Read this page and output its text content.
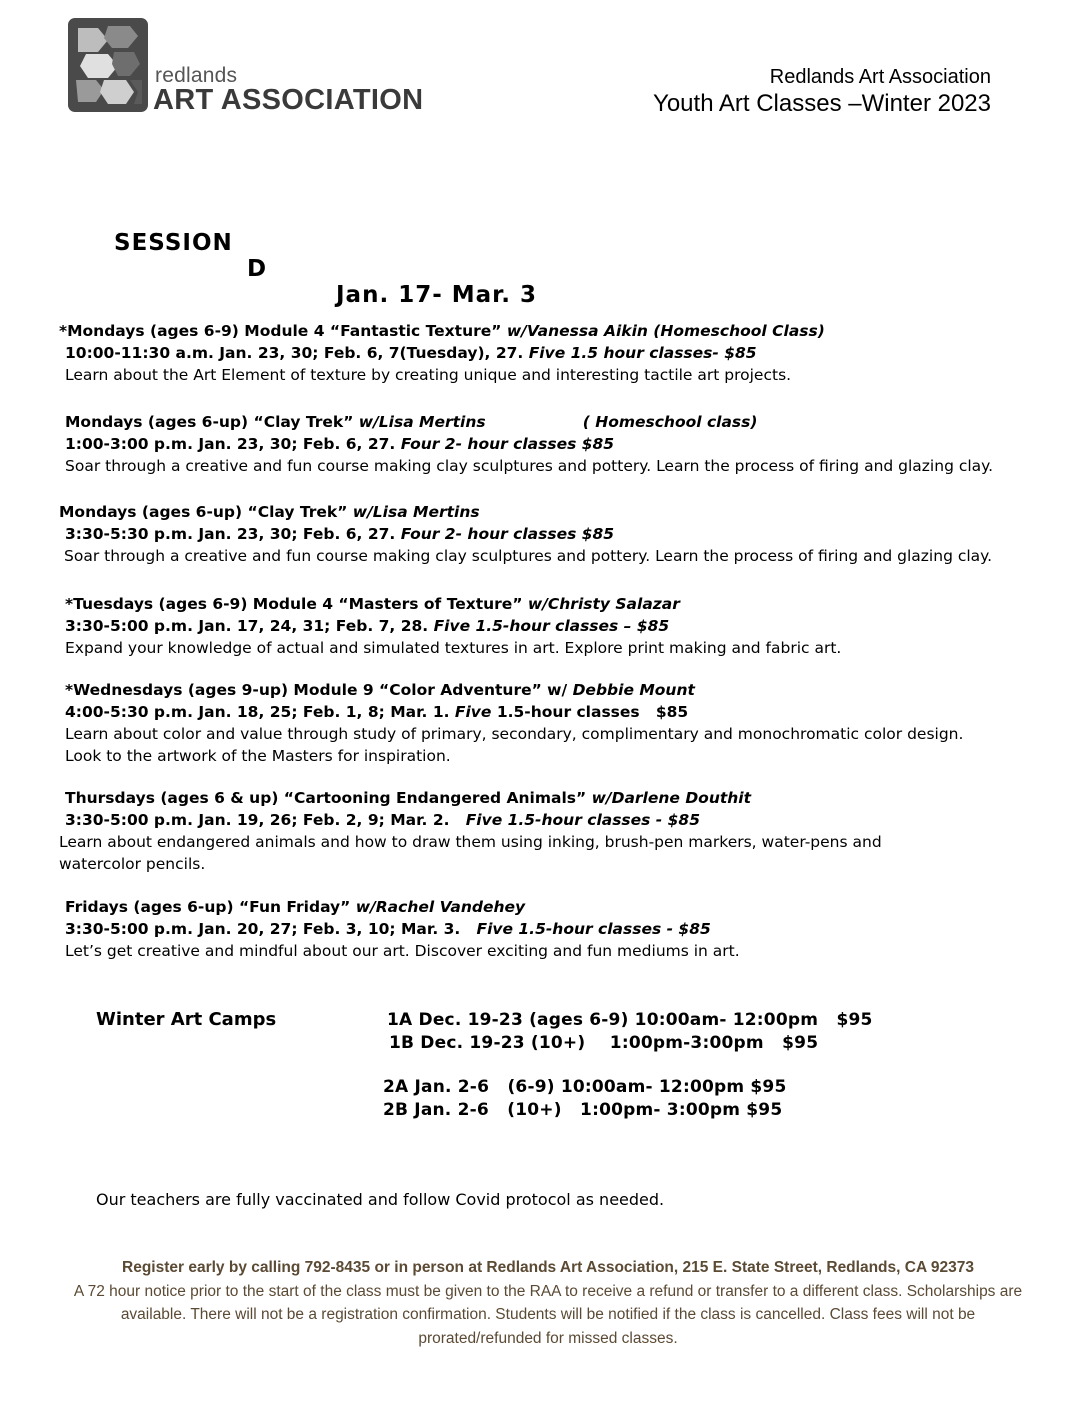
redlands
ART ASSOCIATION
Redlands Art Association
Youth Art Classes –Winter 2023

SESSION

D

Jan. 17- Mar. 3

*Mondays (ages 6-9) Module 4 “Fantastic Texture” w/Vanessa Aikin (Homeschool Class)
10:00-11:30 a.m. Jan. 23, 30; Feb. 6, 7(Tuesday), 27. Five 1.5 hour classes- $85
Learn about the Art Element of texture by creating unique and interesting tactile art projects.
Mondays (ages 6-up) “Clay Trek” w/Lisa Mertins                  ( Homeschool class)
1:00-3:00 p.m. Jan. 23, 30; Feb. 6, 27. Four 2- hour classes $85
Soar through a creative and fun course making clay sculptures and pottery. Learn the process of firing and glazing clay.
Mondays (ages 6-up) “Clay Trek” w/Lisa Mertins
3:30-5:30 p.m. Jan. 23, 30; Feb. 6, 27. Four 2- hour classes $85
Soar through a creative and fun course making clay sculptures and pottery. Learn the process of firing and glazing clay.
*Tuesdays (ages 6-9) Module 4 “Masters of Texture” w/Christy Salazar
3:30-5:00 p.m. Jan. 17, 24, 31; Feb. 7, 28. Five 1.5-hour classes – $85
Expand your knowledge of actual and simulated textures in art. Explore print making and fabric art.
*Wednesdays (ages 9-up) Module 9 “Color Adventure” w/ Debbie Mount
4:00-5:30 p.m. Jan. 18, 25; Feb. 1, 8; Mar. 1. Five 1.5-hour classes   $85
Learn about color and value through study of primary, secondary, complimentary and monochromatic color design.
Look to the artwork of the Masters for inspiration.
Thursdays (ages 6 & up) “Cartooning Endangered Animals” w/Darlene Douthit
3:30-5:00 p.m. Jan. 19, 26; Feb. 2, 9; Mar. 2.   Five 1.5-hour classes - $85
Learn about endangered animals and how to draw them using inking, brush-pen markers, water-pens and
watercolor pencils.
Fridays (ages 6-up) “Fun Friday” w/Rachel Vandehey
3:30-5:00 p.m. Jan. 20, 27; Feb. 3, 10; Mar. 3.   Five 1.5-hour classes - $85
Let’s get creative and mindful about our art. Discover exciting and fun mediums in art.
Winter Art Camps	1A Dec. 19-23 (ages 6-9) 10:00am- 12:00pm   $95
1B Dec. 19-23 (10+)    1:00pm-3:00pm   $95
2A Jan. 2-6   (6-9) 10:00am- 12:00pm $95
2B Jan. 2-6   (10+)   1:00pm- 3:00pm $95
Our teachers are fully vaccinated and follow Covid protocol as needed.
Register early by calling 792-8435 or in person at Redlands Art Association, 215 E. State Street, Redlands, CA 92373
A 72 hour notice prior to the start of the class must be given to the RAA to receive a refund or transfer to a different class. Scholarships are
available. There will not be a registration confirmation. Students will be notified if the class is cancelled. Class fees will not be
prorated/refunded for missed classes.
